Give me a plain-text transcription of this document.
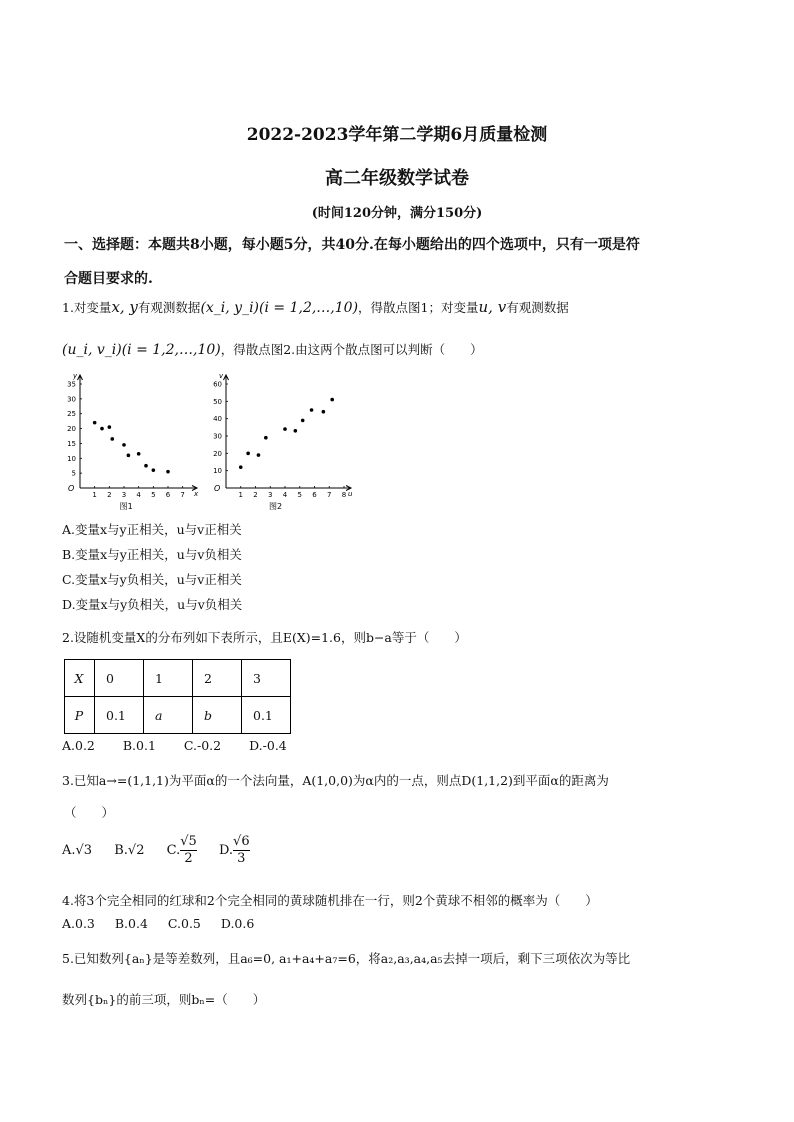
2022-2023学年第二学期6月质量检测
高二年级数学试卷
(时间120分钟，满分150分)
一、选择题：本题共8小题，每小题5分，共40分.在每小题给出的四个选项中，只有一项是符
合题目要求的.
1.对变量x, y有观测数据(x_i, y_i)(i = 1,2,…,10)，得散点图1；对变量u, v有观测数据
(u_i, v_i)(i = 1,2,…,10)，得散点图2.由这两个散点图可以判断（　　）
y
x
O
1 2 3 4 5 6 7
5
10
15
20
25
30
35
图1
v
u
O
1 2 3 4 5 6 7 8
10
20
30
40
50
60
图2
A.变量x与y正相关，u与v正相关
B.变量x与y正相关，u与v负相关
C.变量x与y负相关，u与v正相关
D.变量x与y负相关，u与v负相关
2.设随机变量X的分布列如下表所示，且E(X)=1.6，则b−a等于（　　）
X	0	1	2	3
P	0.1	a	b	0.1
A.0.2 B.0.1 C.-0.2 D.-0.4
3.已知a→=(1,1,1)为平面α的一个法向量，A(1,0,0)为α内的一点，则点D(1,1,2)到平面α的距离为
（　　）
A.√3 B.√2 C. $\frac{√5}{2} D$. $\frac{√6}{3}$
4.将3个完全相同的红球和2个完全相同的黄球随机排在一行，则2个黄球不相邻的概率为（　　）
A.0.3 B.0.4 C.0.5 D.0.6
5.已知数列{aₙ}是等差数列，且a₆=0, a₁+a₄+a₇=6，将a₂,a₃,a₄,a₅去掉一项后，剩下三项依次为等比
数列{bₙ}的前三项，则bₙ=（　　）
